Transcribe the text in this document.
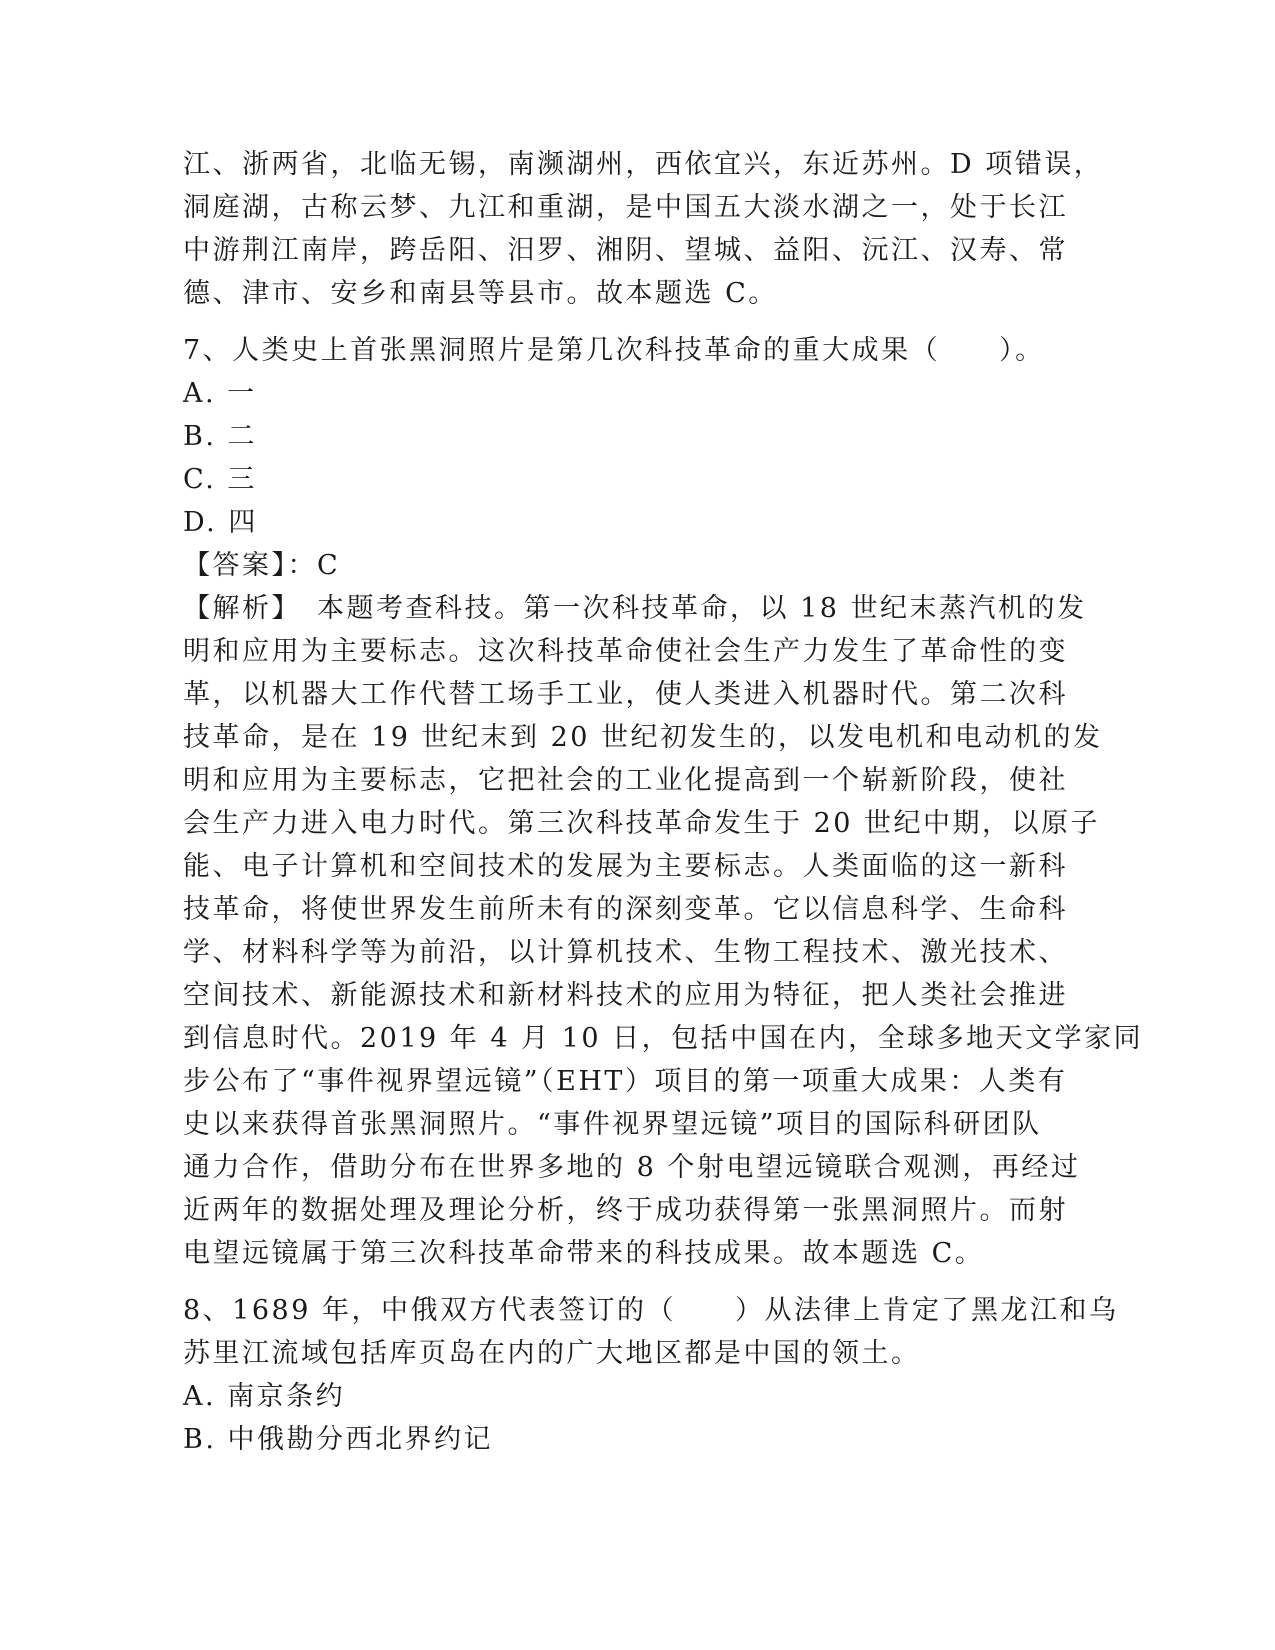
江、浙两省，北临无锡，南濒湖州，西依宜兴，东近苏州。D 项错误，

洞庭湖，古称云梦、九江和重湖，是中国五大淡水湖之一，处于长江

中游荆江南岸，跨岳阳、汨罗、湘阴、望城、益阳、沅江、汉寿、常

德、津市、安乡和南县等县市。故本题选 C。

7、人类史上首张黑洞照片是第几次科技革命的重大成果（　　）。

A. 一

B. 二

C. 三

D. 四

【答案】：C

【解析】　本题考查科技。第一次科技革命，以 18 世纪末蒸汽机的发

明和应用为主要标志。这次科技革命使社会生产力发生了革命性的变

革，以机器大工作代替工场手工业，使人类进入机器时代。第二次科

技革命，是在 19 世纪末到 20 世纪初发生的，以发电机和电动机的发

明和应用为主要标志，它把社会的工业化提高到一个崭新阶段，使社

会生产力进入电力时代。第三次科技革命发生于 20 世纪中期，以原子

能、电子计算机和空间技术的发展为主要标志。人类面临的这一新科

技革命，将使世界发生前所未有的深刻变革。它以信息科学、生命科

学、材料科学等为前沿，以计算机技术、生物工程技术、激光技术、

空间技术、新能源技术和新材料技术的应用为特征，把人类社会推进

到信息时代。2019 年 4 月 10 日，包括中国在内，全球多地天文学家同

步公布了“事件视界望远镜”（EHT）项目的第一项重大成果：人类有

史以来获得首张黑洞照片。“事件视界望远镜”项目的国际科研团队

通力合作，借助分布在世界多地的 8 个射电望远镜联合观测，再经过

近两年的数据处理及理论分析，终于成功获得第一张黑洞照片。而射

电望远镜属于第三次科技革命带来的科技成果。故本题选 C。

8、1689 年，中俄双方代表签订的（　　）从法律上肯定了黑龙江和乌

苏里江流域包括库页岛在内的广大地区都是中国的领土。

A. 南京条约

B. 中俄勘分西北界约记
